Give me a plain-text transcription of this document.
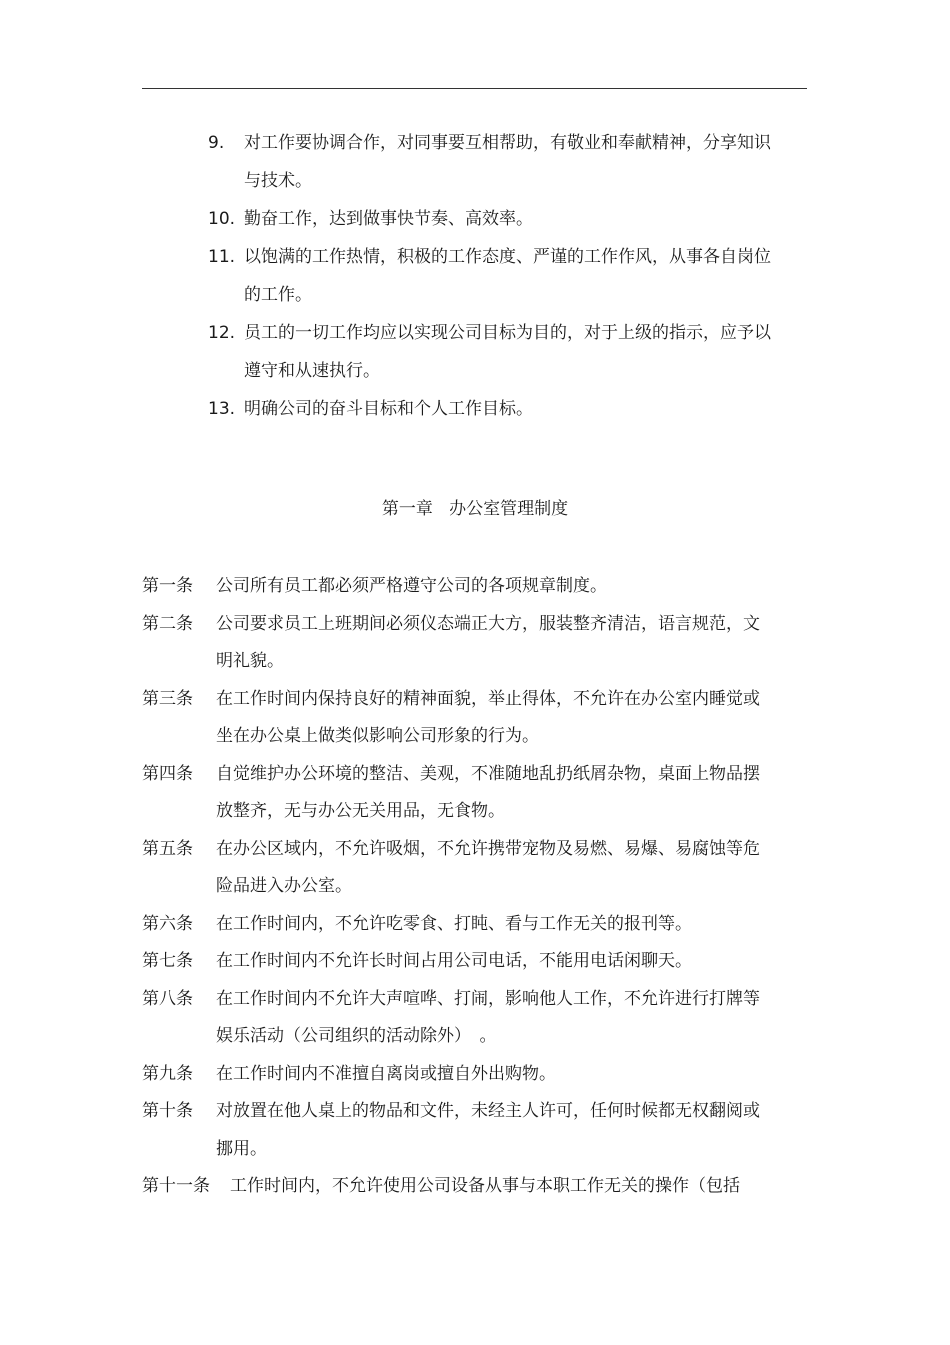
9.	对工作要协调合作，对同事要互相帮助，有敬业和奉献精神，分享知识与技术。
10. 勤奋工作，达到做事快节奏、高效率。
11. 以饱满的工作热情，积极的工作态度、严谨的工作作风，从事各自岗位的工作。
12. 员工的一切工作均应以实现公司目标为目的，对于上级的指示，应予以遵守和从速执行。
13. 明确公司的奋斗目标和个人工作目标。
第一章 办公室管理制度
第一条 公司所有员工都必须严格遵守公司的各项规章制度。
第二条 公司要求员工上班期间必须仪态端正大方，服装整齐清洁，语言规范，文明礼貌。
第三条 在工作时间内保持良好的精神面貌，举止得体，不允许在办公室内睡觉或坐在办公桌上做类似影响公司形象的行为。
第四条 自觉维护办公环境的整洁、美观，不准随地乱扔纸屑杂物，桌面上物品摆放整齐，无与办公无关用品，无食物。
第五条 在办公区域内，不允许吸烟，不允许携带宠物及易燃、易爆、易腐蚀等危险品进入办公室。
第六条 在工作时间内，不允许吃零食、打盹、看与工作无关的报刊等。
第七条 在工作时间内不允许长时间占用公司电话，不能用电话闲聊天。
第八条 在工作时间内不允许大声喧哗、打闹，影响他人工作，不允许进行打牌等娱乐活动（公司组织的活动除外）　。
第九条 在工作时间内不准擅自离岗或擅自外出购物。
第十条 对放置在他人桌上的物品和文件，未经主人许可，任何时候都无权翻阅或挪用。
第十一条 工作时间内，不允许使用公司设备从事与本职工作无关的操作（包括
